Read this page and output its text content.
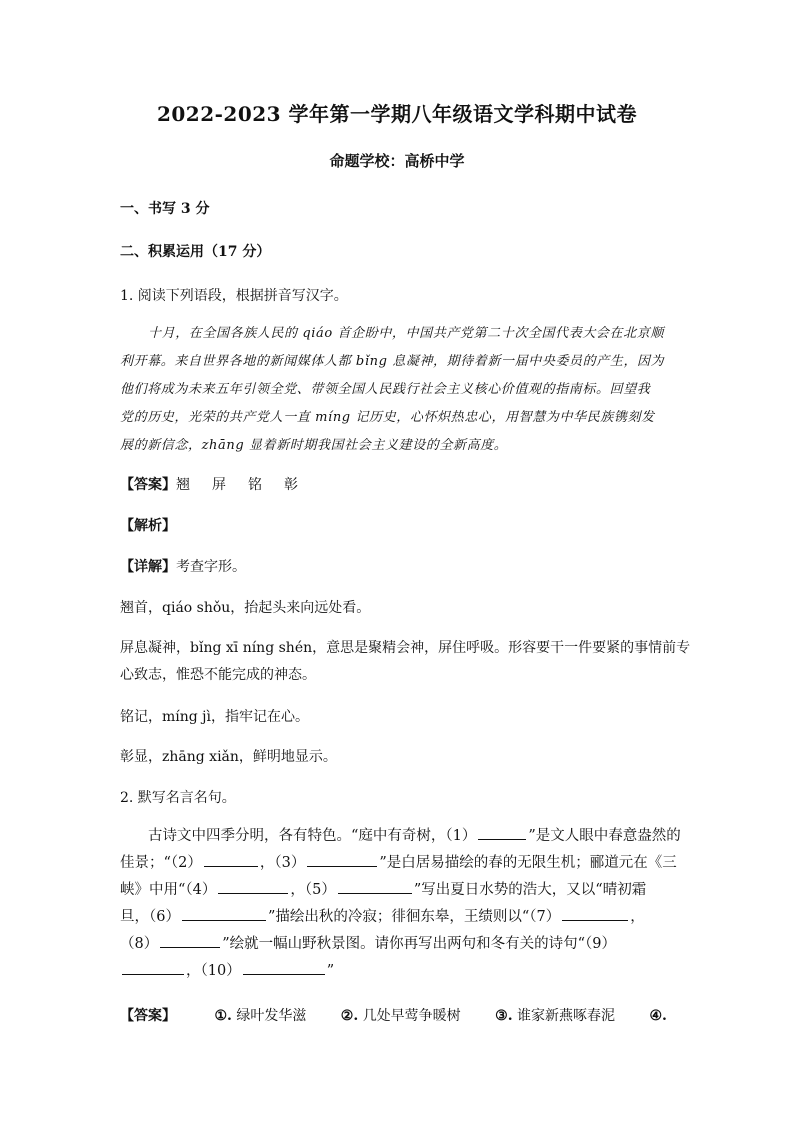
2022-2023 学年第一学期八年级语文学科期中试卷
命题学校：高桥中学
一、书写 3 分
二、积累运用（17 分）
1. 阅读下列语段，根据拼音写汉字。

十月，在全国各族人民的 qiáo 首企盼中，中国共产党第二十次全国代表大会在北京顺

利开幕。来自世界各地的新闻媒体人都 bǐng 息凝神，期待着新一届中央委员的产生，因为

他们将成为未来五年引领全党、带领全国人民践行社会主义核心价值观的指南标。回望我

党的历史，光荣的共产党人一直 míng 记历史，心怀炽热忠心，用智慧为中华民族镌刻发

展的新信念，zhāng 显着新时期我国社会主义建设的全新高度。

【答案】翘 屏 铭 彰
【解析】
【详解】考查字形。
翘首，qiáo shǒu，抬起头来向远处看。
屏息凝神，bǐng xī níng shén，意思是聚精会神，屏住呼吸。形容要干一件要紧的事情前专
心致志，惟恐不能完成的神态。
铭记，míng jì，指牢记在心。
彰显，zhāng xiǎn，鲜明地显示。
2. 默写名言名句。

古诗文中四季分明，各有特色。“庭中有奇树，（1）	”是文人眼中春意盎然的

佳景；“（2）	，（3）	”是白居易描绘的春的无限生机；郦道元在《三

峡》中用“（4）	，（5）	”写出夏日水势的浩大，又以“晴初霜

旦，（6）	”描绘出秋的冷寂；徘徊东皋，王绩则以“（7）	，

（8）	”绘就一幅山野秋景图。请你再写出两句和冬有关的诗句“（9）

，（10）	”

【答案】	①. 绿叶发华滋 ②. 几处早莺争暖树 ③. 谁家新燕啄春泥 ④.
